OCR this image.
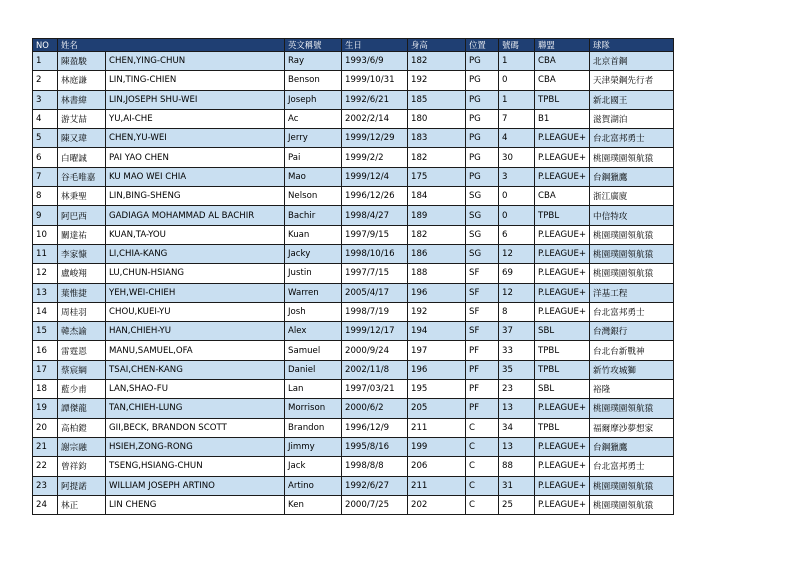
NO	姓名		英文稱號	生日	身高	位置	號碼	聯盟	球隊
1	陳盈駿	CHEN,YING-CHUN	Ray	1993/6/9	182	PG	1	CBA	北京首鋼
2	林庭謙	LIN,TING-CHIEN	Benson	1999/10/31	192	PG	0	CBA	天津榮鋼先行者
3	林書緯	LIN,JOSEPH SHU-WEI	Joseph	1992/6/21	185	PG	1	TPBL	新北國王
4	游艾喆	YU,AI-CHE	Ac	2002/2/14	180	PG	7	B1	滋賀湖泊
5	陳又瑋	CHEN,YU-WEI	Jerry	1999/12/29	183	PG	4	P.LEAGUE+	台北富邦勇士
6	白曜誠	PAI YAO CHEN	Pai	1999/2/2	182	PG	30	P.LEAGUE+	桃園璞園領航猿
7	谷毛唯嘉	KU MAO WEI CHIA	Mao	1999/12/4	175	PG	3	P.LEAGUE+	台鋼獵鷹
8	林秉聖	LIN,BING-SHENG	Nelson	1996/12/26	184	SG	0	CBA	浙江廣廈
9	阿巴西	GADIAGA MOHAMMAD AL BACHIR	Bachir	1998/4/27	189	SG	0	TPBL	中信特攻
10	關達祐	KUAN,TA-YOU	Kuan	1997/9/15	182	SG	6	P.LEAGUE+	桃園璞園領航猿
11	李家慷	LI,CHIA-KANG	Jacky	1998/10/16	186	SG	12	P.LEAGUE+	桃園璞園領航猿
12	盧峻翔	LU,CHUN-HSIANG	Justin	1997/7/15	188	SF	69	P.LEAGUE+	桃園璞園領航猿
13	葉惟捷	YEH,WEI-CHIEH	Warren	2005/4/17	196	SF	12	P.LEAGUE+	洋基工程
14	周桂羽	CHOU,KUEI-YU	Josh	1998/7/19	192	SF	8	P.LEAGUE+	台北富邦勇士
15	韓杰諭	HAN,CHIEH-YU	Alex	1999/12/17	194	SF	37	SBL	台灣銀行
16	雷霆恩	MANU,SAMUEL,OFA	Samuel	2000/9/24	197	PF	33	TPBL	台北台新戰神
17	蔡宸綱	TSAI,CHEN-KANG	Daniel	2002/11/8	196	PF	35	TPBL	新竹攻城獅
18	藍少甫	LAN,SHAO-FU	Lan	1997/03/21	195	PF	23	SBL	裕隆
19	譚傑龍	TAN,CHIEH-LUNG	Morrison	2000/6/2	205	PF	13	P.LEAGUE+	桃園璞園領航猿
20	高柏鎧	GII,BECK, BRANDON SCOTT	Brandon	1996/12/9	211	C	34	TPBL	福爾摩沙夢想家
21	謝宗融	HSIEH,ZONG-RONG	Jimmy	1995/8/16	199	C	13	P.LEAGUE+	台鋼獵鷹
22	曾祥鈞	TSENG,HSIANG-CHUN	Jack	1998/8/8	206	C	88	P.LEAGUE+	台北富邦勇士
23	阿提諾	WILLIAM JOSEPH ARTINO	Artino	1992/6/27	211	C	31	P.LEAGUE+	桃園璞園領航猿
24	林正	LIN CHENG	Ken	2000/7/25	202	C	25	P.LEAGUE+	桃園璞園領航猿
